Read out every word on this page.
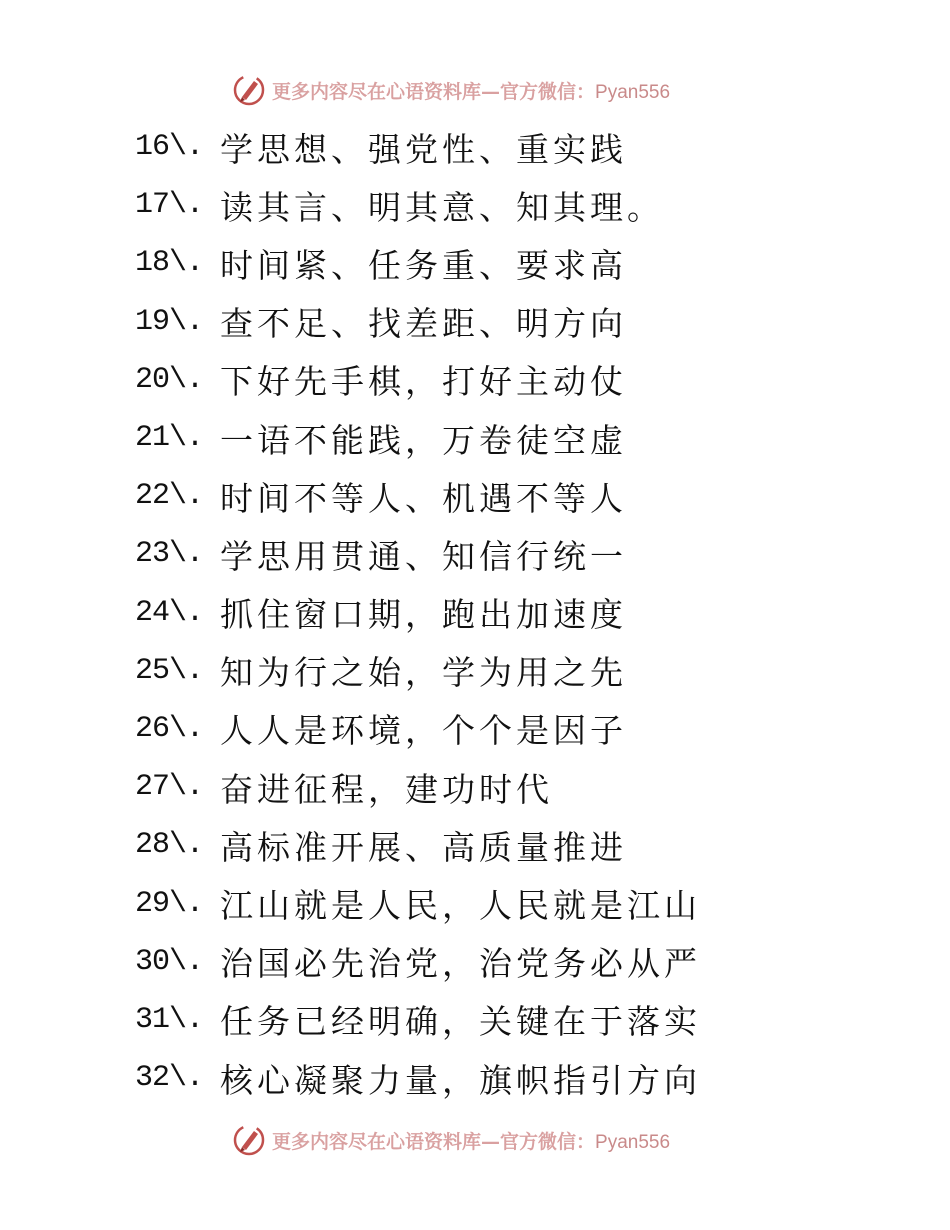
更多内容尽在心语资料库—官方微信：Pyan556
16\. 学思想、强党性、重实践
17\. 读其言、明其意、知其理。
18\. 时间紧、任务重、要求高
19\. 查不足、找差距、明方向
20\. 下好先手棋，打好主动仗
21\. 一语不能践，万卷徒空虚
22\. 时间不等人、机遇不等人
23\. 学思用贯通、知信行统一
24\. 抓住窗口期，跑出加速度
25\. 知为行之始，学为用之先
26\. 人人是环境，个个是因子
27\. 奋进征程，建功时代
28\. 高标准开展、高质量推进
29\. 江山就是人民，人民就是江山
30\. 治国必先治党，治党务必从严
31\. 任务已经明确，关键在于落实
32\. 核心凝聚力量，旗帜指引方向
更多内容尽在心语资料库—官方微信：Pyan556
